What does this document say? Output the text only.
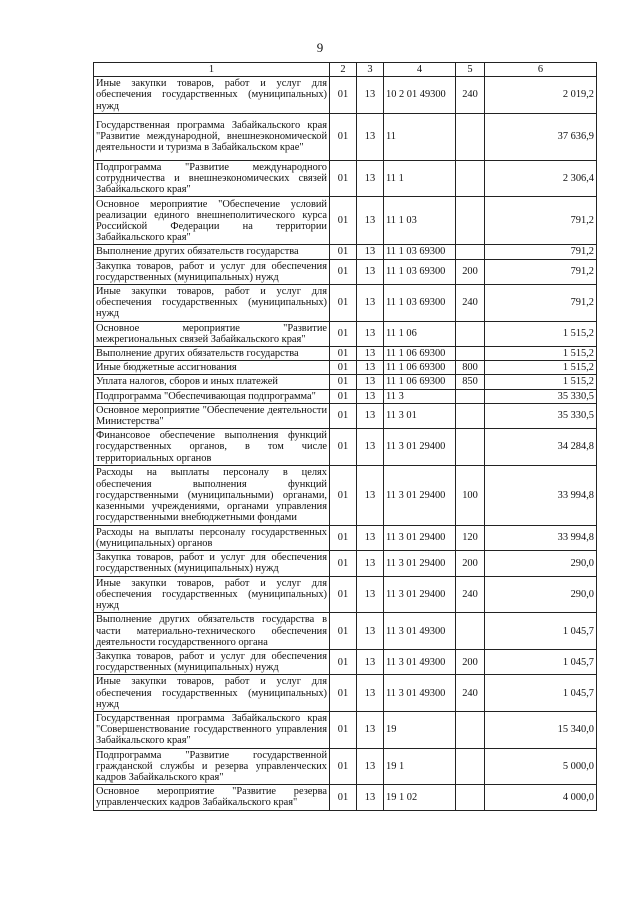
9
1	2	3	4	5	6
Иные закупки товаров, работ и услуг для обеспечения государственных (муниципальных) нужд	01	13	10 2 01 49300	240	2 019,2
Государственная программа Забайкальского края "Развитие международной, внешнеэкономической деятельности и туризма в Забайкальском крае"	01	13	11		37 636,9
Подпрограмма "Развитие международного сотрудничества и внешнеэкономических связей Забайкальского края"	01	13	11 1		2 306,4
Основное мероприятие "Обеспечение условий реализации единого внешнеполитического курса Российской Федерации на территории Забайкальского края"	01	13	11 1 03		791,2
Выполнение других обязательств государства	01	13	11 1 03 69300		791,2
Закупка товаров, работ и услуг для обеспечения государственных (муниципальных) нужд	01	13	11 1 03 69300	200	791,2
Иные закупки товаров, работ и услуг для обеспечения государственных (муниципальных) нужд	01	13	11 1 03 69300	240	791,2
Основное мероприятие "Развитие межрегиональных связей Забайкальского края"	01	13	11 1 06		1 515,2
Выполнение других обязательств государства	01	13	11 1 06 69300		1 515,2
Иные бюджетные ассигнования	01	13	11 1 06 69300	800	1 515,2
Уплата налогов, сборов и иных платежей	01	13	11 1 06 69300	850	1 515,2
Подпрограмма "Обеспечивающая подпрограмма"	01	13	11 3		35 330,5
Основное мероприятие "Обеспечение деятельности Министерства"	01	13	11 3 01		35 330,5
Финансовое обеспечение выполнения функций государственных органов, в том числе территориальных органов	01	13	11 3 01 29400		34 284,8
Расходы на выплаты персоналу в целях обеспечения выполнения функций государственными (муниципальными) органами, казенными учреждениями, органами управления государственными внебюджетными фондами	01	13	11 3 01 29400	100	33 994,8
Расходы на выплаты персоналу государственных (муниципальных) органов	01	13	11 3 01 29400	120	33 994,8
Закупка товаров, работ и услуг для обеспечения государственных (муниципальных) нужд	01	13	11 3 01 29400	200	290,0
Иные закупки товаров, работ и услуг для обеспечения государственных (муниципальных) нужд	01	13	11 3 01 29400	240	290,0
Выполнение других обязательств государства в части материально-технического обеспечения деятельности государственного органа	01	13	11 3 01 49300		1 045,7
Закупка товаров, работ и услуг для обеспечения государственных (муниципальных) нужд	01	13	11 3 01 49300	200	1 045,7
Иные закупки товаров, работ и услуг для обеспечения государственных (муниципальных) нужд	01	13	11 3 01 49300	240	1 045,7
Государственная программа Забайкальского края "Совершенствование государственного управления Забайкальского края"	01	13	19		15 340,0
Подпрограмма "Развитие государственной гражданской службы и резерва управленческих кадров Забайкальского края"	01	13	19 1		5 000,0
Основное мероприятие "Развитие резерва управленческих кадров Забайкальского края"	01	13	19 1 02		4 000,0
